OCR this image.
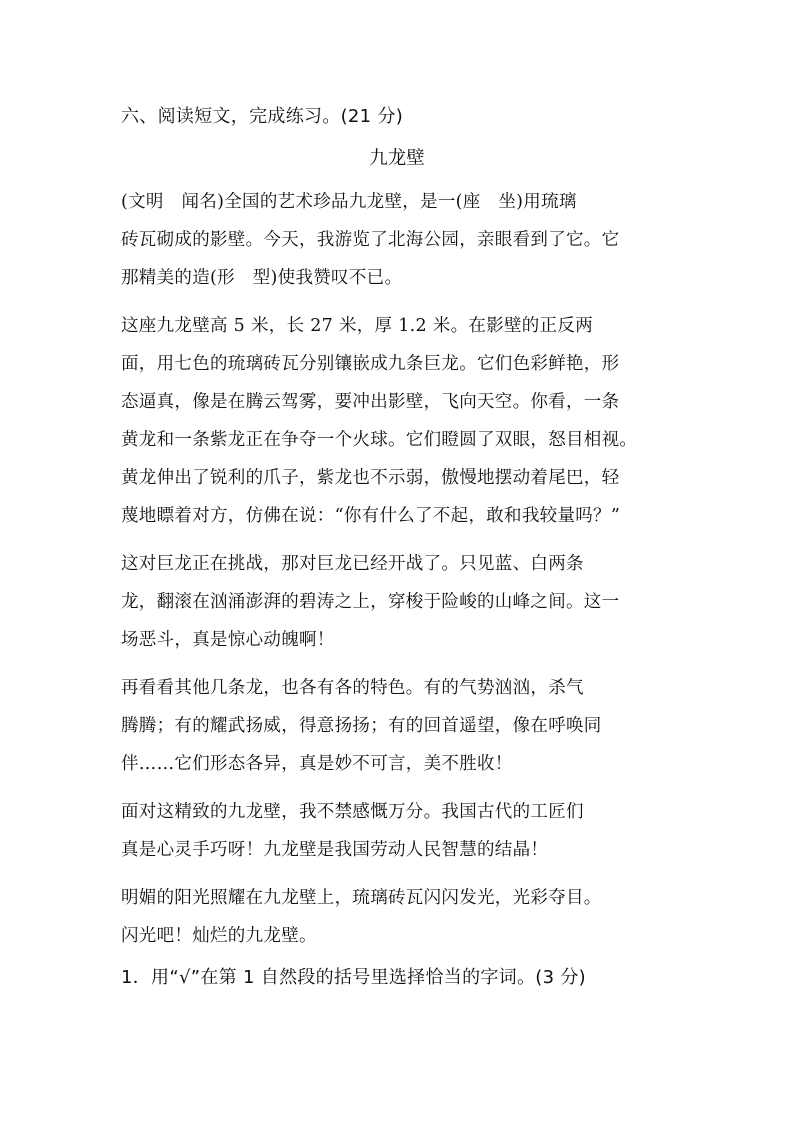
六、阅读短文，完成练习。(21 分)
九龙壁
(文明　闻名)全国的艺术珍品九龙壁，是一(座　坐)用琉璃
砖瓦砌成的影壁。今天，我游览了北海公园，亲眼看到了它。它
那精美的造(形　型)使我赞叹不已。
这座九龙壁高 5 米，长 27 米，厚 1.2 米。在影壁的正反两
面，用七色的琉璃砖瓦分别镶嵌成九条巨龙。它们色彩鲜艳，形
态逼真，像是在腾云驾雾，要冲出影壁，飞向天空。你看，一条
黄龙和一条紫龙正在争夺一个火球。它们瞪圆了双眼，怒目相视。
黄龙伸出了锐利的爪子，紫龙也不示弱，傲慢地摆动着尾巴，轻
蔑地瞟着对方，仿佛在说：“你有什么了不起，敢和我较量吗？”
这对巨龙正在挑战，那对巨龙已经开战了。只见蓝、白两条
龙，翻滚在汹涌澎湃的碧涛之上，穿梭于险峻的山峰之间。这一
场恶斗，真是惊心动魄啊！
再看看其他几条龙，也各有各的特色。有的气势汹汹，杀气
腾腾；有的耀武扬威，得意扬扬；有的回首遥望，像在呼唤同
伴……它们形态各异，真是妙不可言，美不胜收！
面对这精致的九龙壁，我不禁感慨万分。我国古代的工匠们
真是心灵手巧呀！九龙壁是我国劳动人民智慧的结晶！
明媚的阳光照耀在九龙壁上，琉璃砖瓦闪闪发光，光彩夺目。
闪光吧！灿烂的九龙壁。
1．用“√”在第 1 自然段的括号里选择恰当的字词。(3 分)
